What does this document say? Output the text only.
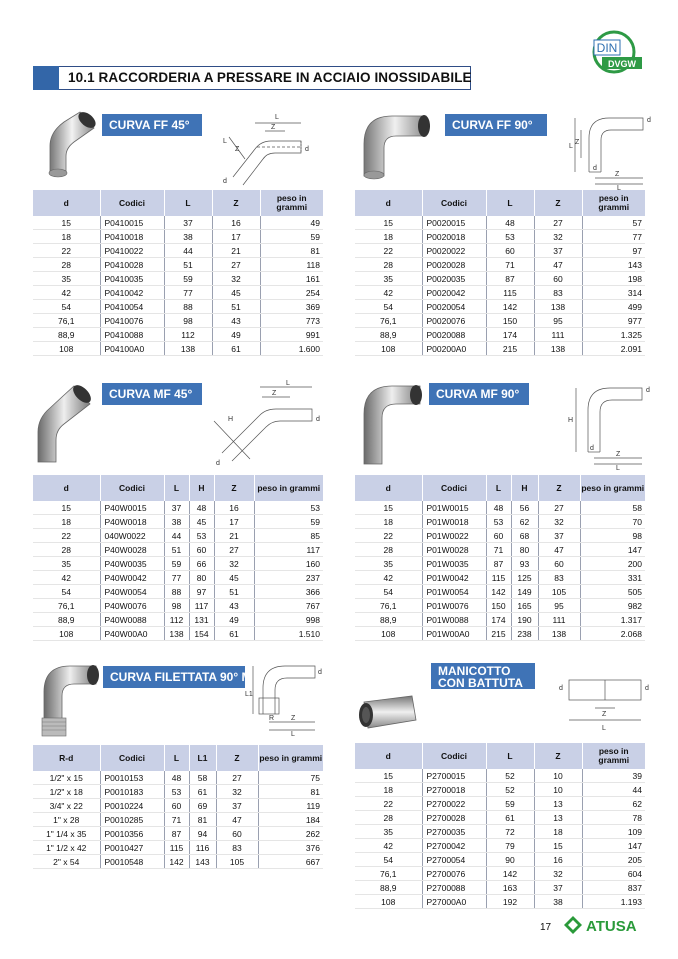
10.1 RACCORDERIA A PRESSARE IN ACCIAIO INOSSIDABILE
DIN
DVGW
CURVA FF 45°
L
Z
L
Z	d
d
d	Codici	L	Z	peso in grammi
15	P0410015	37	16	49
18	P0410018	38	17	59
22	P0410022	44	21	81
28	P0410028	51	27	118
35	P0410035	59	32	161
42	P0410042	77	45	254
54	P0410054	88	51	369
76,1	P0410076	98	43	773
88,9	P0410088	112	49	991
108	P04100A0	138	61	1.600
CURVA FF 90°
L
Z
Z
L
d
d
d	Codici	L	Z	peso in grammi
15	P0020015	48	27	57
18	P0020018	53	32	77
22	P0020022	60	37	97
28	P0020028	71	47	143
35	P0020035	87	60	198
42	P0020042	115	83	314
54	P0020054	142	138	499
76,1	P0020076	150	95	977
88,9	P0020088	174	111	1.325
108	P00200A0	215	138	2.091
CURVA MF 45°
L
Z
H	d
d
d	Codici	L	H	Z	peso in grammi
15	P40W0015	37	48	16	53
18	P40W0018	38	45	17	59
22	040W0022	44	53	21	85
28	P40W0028	51	60	27	117
35	P40W0035	59	66	32	160
42	P40W0042	77	80	45	237
54	P40W0054	88	97	51	366
76,1	P40W0076	98	117	43	767
88,9	P40W0088	112	131	49	998
108	P40W00A0	138	154	61	1.510
CURVA MF 90°
H
d
d
Z
L
d	Codici	L	H	Z	peso in grammi
15	P01W0015	48	56	27	58
18	P01W0018	53	62	32	70
22	P01W0022	60	68	37	98
28	P01W0028	71	80	47	147
35	P01W0035	87	93	60	200
42	P01W0042	115	125	83	331
54	P01W0054	142	149	105	505
76,1	P01W0076	150	165	95	982
88,9	P01W0088	174	190	111	1.317
108	P01W00A0	215	238	138	2.068
CURVA FILETTATA 90° MF
L1
R Z
L
d
R-d	Codici	L	L1	Z	peso in grammi
1/2" x 15	P0010153	48	58	27	75
1/2" x 18	P0010183	53	61	32	81
3/4" x 22	P0010224	60	69	37	119
1" x 28	P0010285	71	81	47	184
1" 1/4 x 35	P0010356	87	94	60	262
1" 1/2 x 42	P0010427	115	116	83	376
2" x 54	P0010548	142	143	105	667
MANICOTTO CON BATTUTA	d	d
Z
L
d	Codici	L	Z	peso in grammi
15	P2700015	52	10	39
18	P2700018	52	10	44
22	P2700022	59	13	62
28	P2700028	61	13	78
35	P2700035	72	18	109
42	P2700042	79	15	147
54	P2700054	90	16	205
76,1	P2700076	142	32	604
88,9	P2700088	163	37	837
108	P27000A0	192	38	1.193
17 ATUSA
